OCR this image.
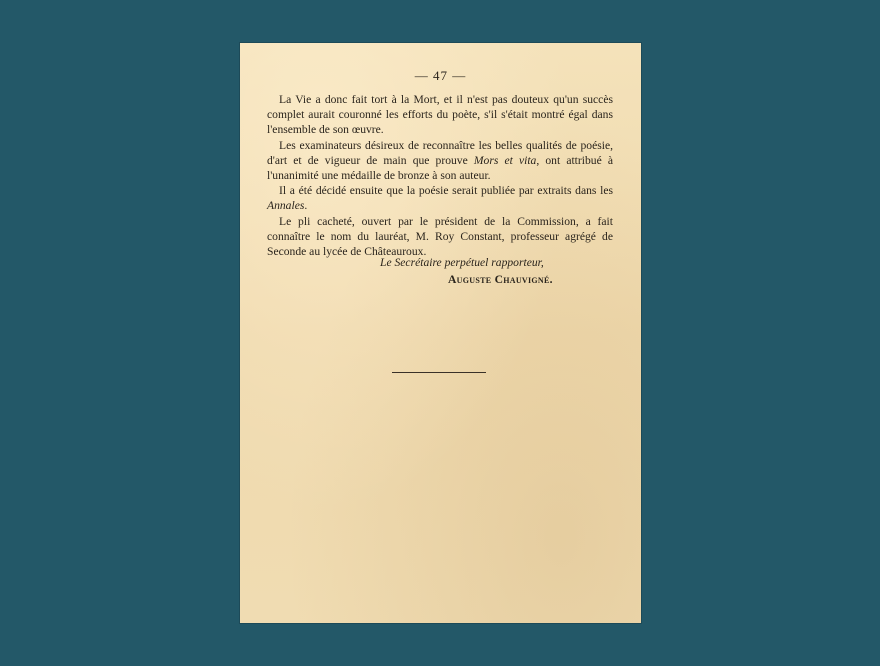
— 47 —

La Vie a donc fait tort à la Mort, et il n'est pas douteux qu'un succès complet aurait couronné les efforts du poète, s'il s'était montré égal dans l'ensemble de son œuvre.

Les examinateurs désireux de reconnaître les belles qualités de poésie, d'art et de vigueur de main que prouve Mors et vita, ont attribué à l'unanimité une médaille de bronze à son auteur.

Il a été décidé ensuite que la poésie serait publiée par extraits dans les Annales.

Le pli cacheté, ouvert par le président de la Commission, a fait connaître le nom du lauréat, M. Roy Constant, professeur agrégé de Seconde au lycée de Châteauroux.

Le Secrétaire perpétuel rapporteur,
Auguste Chauvigné.
